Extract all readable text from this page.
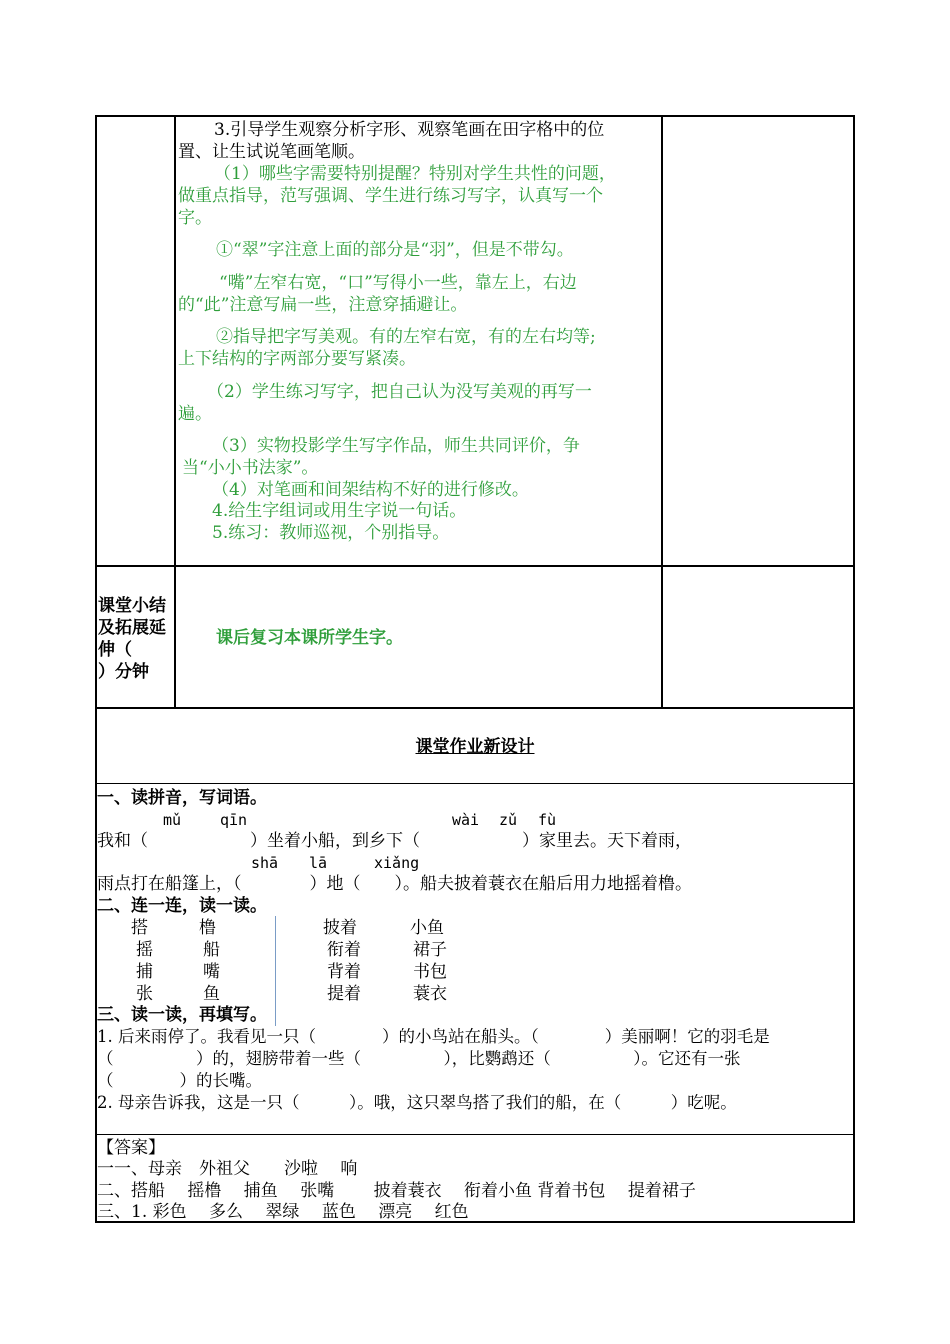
3.引导学生观察分析字形、观察笔画在田字格中的位
置、让生试说笔画笔顺。
（1）哪些字需要特别提醒？特别对学生共性的问题，
做重点指导，范写强调、学生进行练习写字，认真写一个
字。
①“翠”字注意上面的部分是“羽”，但是不带勾。
“嘴”左窄右宽，“口”写得小一些，靠左上，右边
的“此”注意写扁一些，注意穿插避让。
②指导把字写美观。有的左窄右宽，有的左右均等;
上下结构的字两部分要写紧凑。
（2）学生练习写字，把自己认为没写美观的再写一
遍。
（3）实物投影学生写字作品，师生共同评价，争
当“小小书法家”。
（4）对笔画和间架结构不好的进行修改。
4.给生字组词或用生字说一句话。
5.练习：教师巡视，个别指导。
课堂小结
及拓展延
伸（
）分钟
课后复习本课所学生字。
课堂作业新设计
一、读拼音，写词语。
mǔ	qīn	wài zǔ fù
我和（　　　　　　）坐着小船，到乡下（　　　　　　）家里去。天下着雨，
shā lā	xiǎng
雨点打在船篷上，（　　　　）地（　　）。船夫披着蓑衣在船后用力地摇着橹。
二、连一连，读一读。
搭	橹	披着	小鱼
摇	船	衔着	裙子
捕	嘴	背着	书包
张	鱼	提着	蓑衣
三、读一读，再填写。
1. 后来雨停了。我看见一只（　　　　）的小鸟站在船头。（　　　　）美丽啊！它的羽毛是
（　　　　　）的，翅膀带着一些（　　　　　），比鹦鹉还（　　　　　）。它还有一张
（　　　　）的长嘴。
2. 母亲告诉我，这是一只（　　　）。哦，这只翠鸟搭了我们的船，在（　　　）吃呢。
【答案】
一一、母亲　外祖父　　沙啦　 响
二、搭船　 摇橹　 捕鱼　 张嘴　　 披着蓑衣　 衔着小鱼 背着书包　 提着裙子
三、1. 彩色　 多么　 翠绿　 蓝色　 漂亮　 红色
